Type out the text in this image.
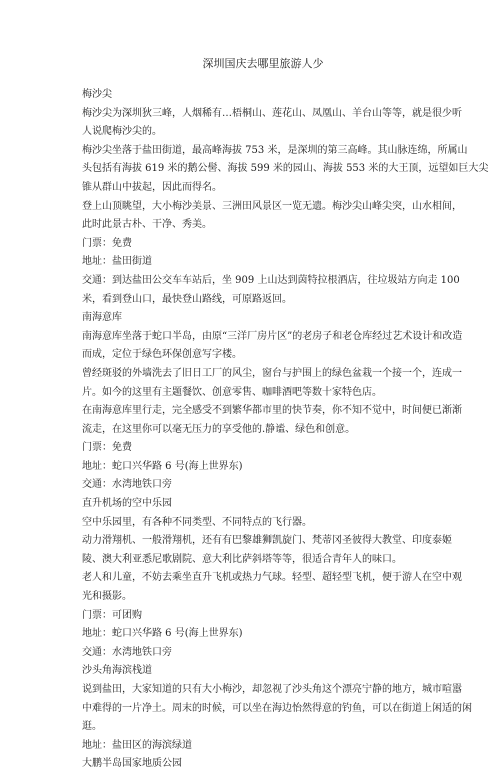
深圳国庆去哪里旅游人少
梅沙尖
梅沙尖为深圳狄三峰，人烟稀有…梧桐山、莲花山、凤凰山、羊台山等等，就是很少听
人说爬梅沙尖的。
梅沙尖坐落于盐田街道，最高峰海拔 753 米，是深圳的第三高峰。其山脉连绵，所属山
头包括有海拔 619 米的鹅公髻、海拔 599 米的园山、海拔 553 米的大王顶，远望如巨大尖
锥从群山中拔起，因此而得名。
登上山顶眺望，大小梅沙美景、三洲田风景区一览无遗。梅沙尖山峰尖突，山水相间，
此时此景古朴、干净、秀美。
门票：免费
地址：盐田街道
交通：到达盐田公交车车站后，坐 909 上山达到茵特拉根酒店，往垃圾站方向走 100
米，看到登山口，最快登山路线，可原路返回。
南海意库
南海意库坐落于蛇口半岛，由原“三洋厂房片区”的老房子和老仓库经过艺术设计和改造
而成，定位于绿色环保创意写字楼。
曾经斑驳的外墙洗去了旧日工厂的风尘，窗台与护围上的绿色盆栽一个接一个，连成一
片。如今的这里有主题餐饮、创意零售、咖啡酒吧等数十家特色店。
在南海意库里行走，完全感受不到繁华都市里的快节奏，你不知不觉中，时间便已渐渐
流走，在这里你可以毫无压力的享受他的.静谧、绿色和创意。
门票：免费
地址：蛇口兴华路 6 号(海上世界东)
交通：水湾地铁口旁
直升机场的空中乐园
空中乐园里，有各种不同类型、不同特点的飞行器。
动力滑翔机、一般滑翔机，还有有巴黎雄狮凯旋门、梵蒂冈圣彼得大教堂、印度泰姬
陵、澳大利亚悉尼歌剧院、意大利比萨斜塔等等，很适合青年人的味口。
老人和儿童，不妨去乘坐直升飞机或热力气球。轻型、超轻型飞机，便于游人在空中观
光和摄影。
门票：可团购
地址：蛇口兴华路 6 号(海上世界东)
交通：水湾地铁口旁
沙头角海滨栈道
说到盐田，大家知道的只有大小梅沙，却忽视了沙头角这个漂亮宁静的地方，城市喧嚣
中难得的一片净土。周末的时候，可以坐在海边怡然得意的钓鱼，可以在街道上闲适的闲
逛。
地址：盐田区的海滨绿道
大鹏半岛国家地质公园
